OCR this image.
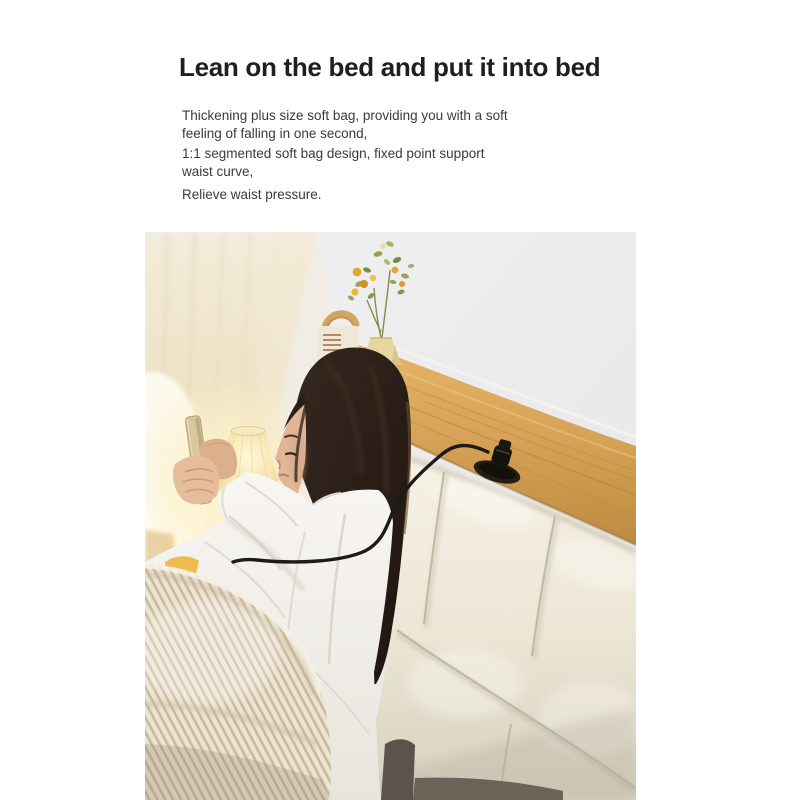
Lean on the bed and put it into bed

Thickening plus size soft bag, providing you with a soft
feeling of falling in one second,

1:1 segmented soft bag design, fixed point support
waist curve,

Relieve waist pressure.
